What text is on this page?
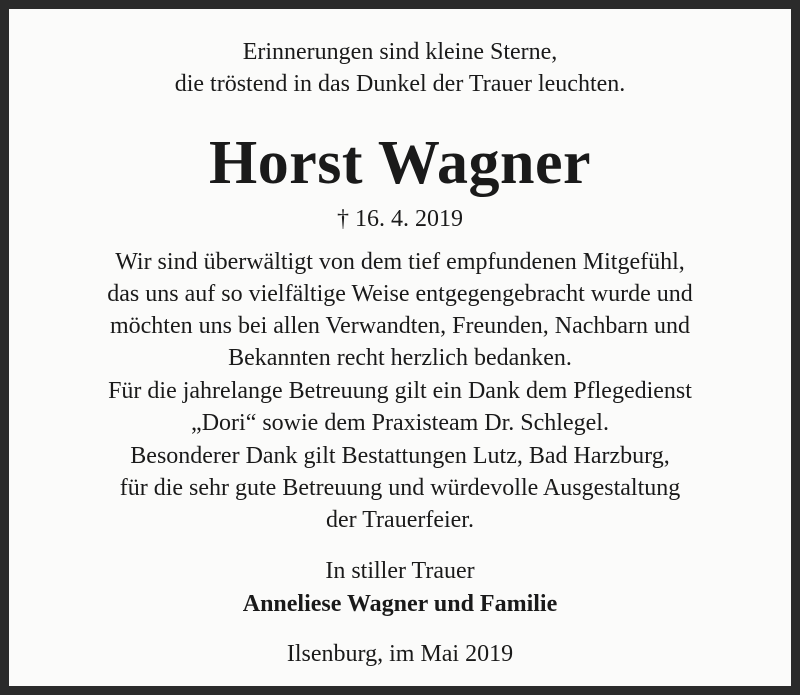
Erinnerungen sind kleine Sterne,
die tröstend in das Dunkel der Trauer leuchten.
Horst Wagner
† 16. 4. 2019
Wir sind überwältigt von dem tief empfundenen Mitgefühl,
das uns auf so vielfältige Weise entgegengebracht wurde und
möchten uns bei allen Verwandten, Freunden, Nachbarn und
Bekannten recht herzlich bedanken.
Für die jahrelange Betreuung gilt ein Dank dem Pflegedienst
„Dori“ sowie dem Praxisteam Dr. Schlegel.
Besonderer Dank gilt Bestattungen Lutz, Bad Harzburg,
für die sehr gute Betreuung und würdevolle Ausgestaltung
der Trauerfeier.
In stiller Trauer
Anneliese Wagner und Familie
Ilsenburg, im Mai 2019
